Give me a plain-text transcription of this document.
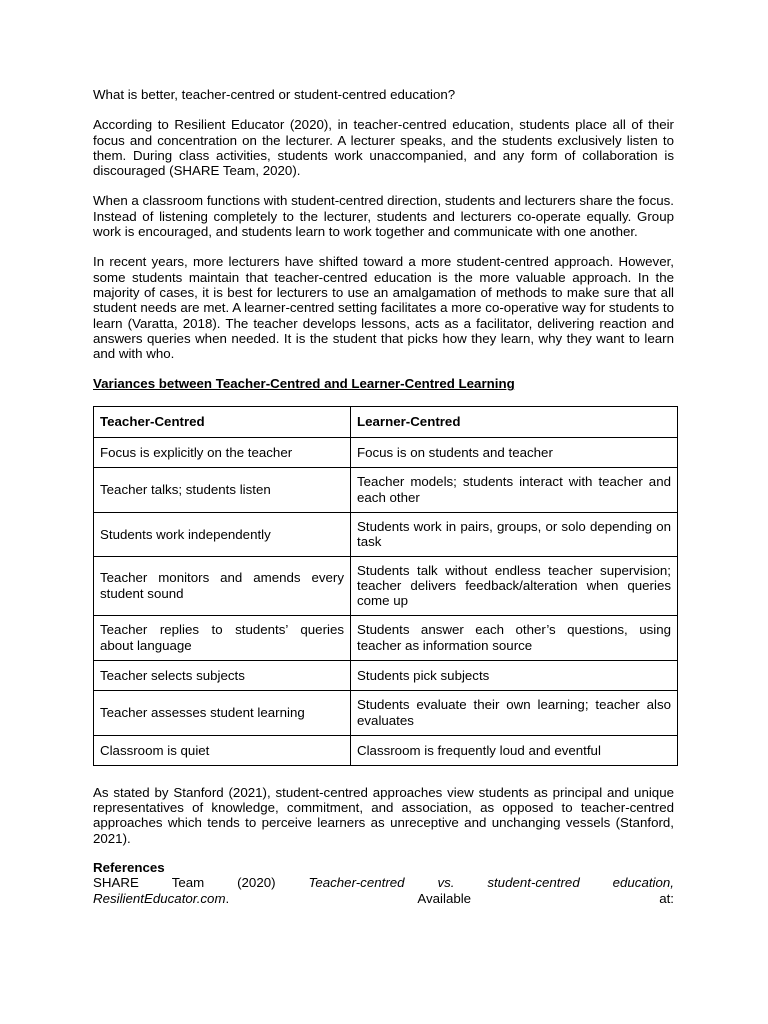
What is better, teacher-centred or student-centred education?

According to Resilient Educator (2020), in teacher-centred education, students place all of their focus and concentration on the lecturer. A lecturer speaks, and the students exclusively listen to them. During class activities, students work unaccompanied, and any form of collaboration is discouraged (SHARE Team, 2020).

When a classroom functions with student-centred direction, students and lecturers share the focus. Instead of listening completely to the lecturer, students and lecturers co-operate equally. Group work is encouraged, and students learn to work together and communicate with one another.

In recent years, more lecturers have shifted toward a more student-centred approach. However, some students maintain that teacher-centred education is the more valuable approach. In the majority of cases, it is best for lecturers to use an amalgamation of methods to make sure that all student needs are met. A learner-centred setting facilitates a more co-operative way for students to learn (Varatta, 2018). The teacher develops lessons, acts as a facilitator, delivering reaction and answers queries when needed. It is the student that picks how they learn, why they want to learn and with who.

Variances between Teacher-Centred and Learner-Centred Learning

Teacher-Centred	Learner-Centred
Focus is explicitly on the teacher	Focus is on students and teacher
Teacher talks; students listen	Teacher models; students interact with teacher and each other
Students work independently	Students work in pairs, groups, or solo depending on task
Teacher monitors and amends every student sound	Students talk without endless teacher supervision; teacher delivers feedback/alteration when queries come up
Teacher replies to students’ queries about language	Students answer each other’s questions, using teacher as information source
Teacher selects subjects	Students pick subjects
Teacher assesses student learning	Students evaluate their own learning; teacher also evaluates
Classroom is quiet	Classroom is frequently loud and eventful

As stated by Stanford (2021), student-centred approaches view students as principal and unique representatives of knowledge, commitment, and association, as opposed to teacher-centred approaches which tends to perceive learners as unreceptive and unchanging vessels (Stanford, 2021).

References

SHARE Team (2020) Teacher-centred vs. student-centred education,
ResilientEducator.com.	Available	at:
